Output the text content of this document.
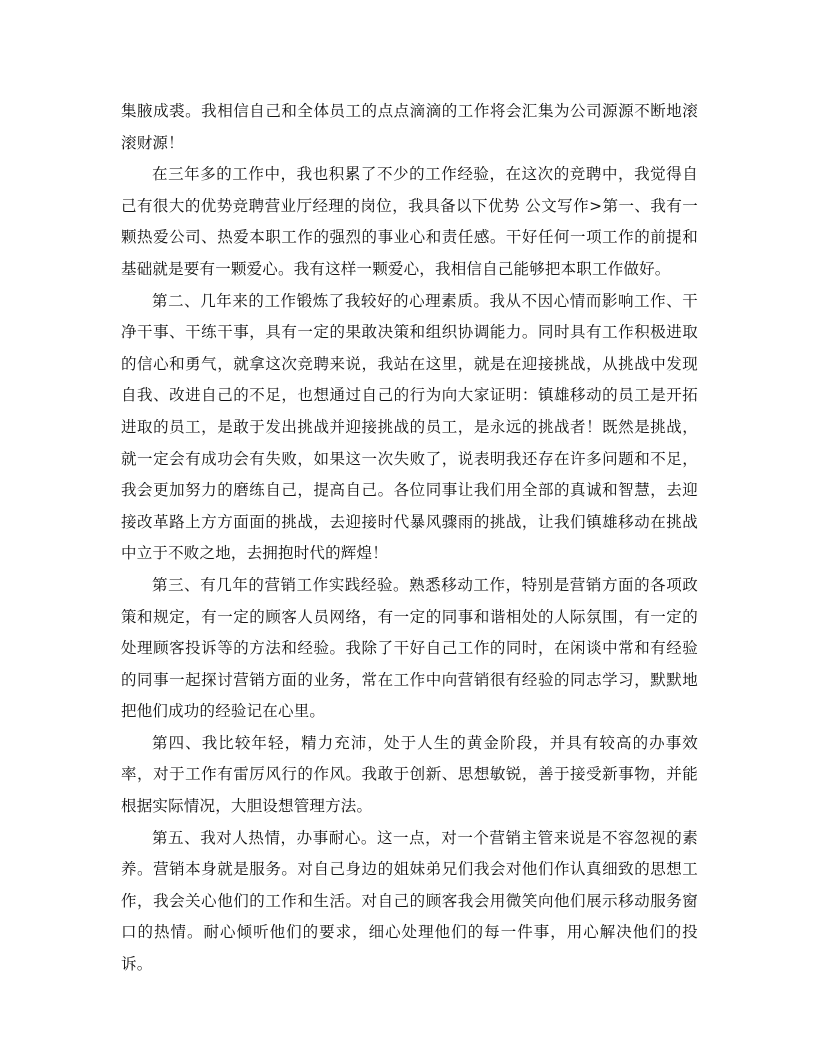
集腋成裘。我相信自己和全体员工的点点滴滴的工作将会汇集为公司源源不断地滚滚财源！

在三年多的工作中，我也积累了不少的工作经验，在这次的竞聘中，我觉得自己有很大的优势竞聘营业厅经理的岗位，我具备以下优势 公文写作>第一、我有一颗热爱公司、热爱本职工作的强烈的事业心和责任感。干好任何一项工作的前提和基础就是要有一颗爱心。我有这样一颗爱心，我相信自己能够把本职工作做好。

第二、几年来的工作锻炼了我较好的心理素质。我从不因心情而影响工作、干净干事、干练干事，具有一定的果敢决策和组织协调能力。同时具有工作积极进取的信心和勇气，就拿这次竞聘来说，我站在这里，就是在迎接挑战，从挑战中发现自我、改进自己的不足，也想通过自己的行为向大家证明：镇雄移动的员工是开拓进取的员工，是敢于发出挑战并迎接挑战的员工，是永远的挑战者！既然是挑战，就一定会有成功会有失败，如果这一次失败了，说表明我还存在许多问题和不足，我会更加努力的磨练自己，提高自己。各位同事让我们用全部的真诚和智慧，去迎接改革路上方方面面的挑战，去迎接时代暴风骤雨的挑战，让我们镇雄移动在挑战中立于不败之地，去拥抱时代的辉煌！

第三、有几年的营销工作实践经验。熟悉移动工作，特别是营销方面的各项政策和规定，有一定的顾客人员网络，有一定的同事和谐相处的人际氛围，有一定的处理顾客投诉等的方法和经验。我除了干好自己工作的同时，在闲谈中常和有经验的同事一起探讨营销方面的业务，常在工作中向营销很有经验的同志学习，默默地把他们成功的经验记在心里。

第四、我比较年轻，精力充沛，处于人生的黄金阶段，并具有较高的办事效率，对于工作有雷厉风行的作风。我敢于创新、思想敏锐，善于接受新事物，并能根据实际情况，大胆设想管理方法。

第五、我对人热情，办事耐心。这一点，对一个营销主管来说是不容忽视的素养。营销本身就是服务。对自己身边的姐妹弟兄们我会对他们作认真细致的思想工作，我会关心他们的工作和生活。对自己的顾客我会用微笑向他们展示移动服务窗口的热情。耐心倾听他们的要求，细心处理他们的每一件事，用心解决他们的投诉。
